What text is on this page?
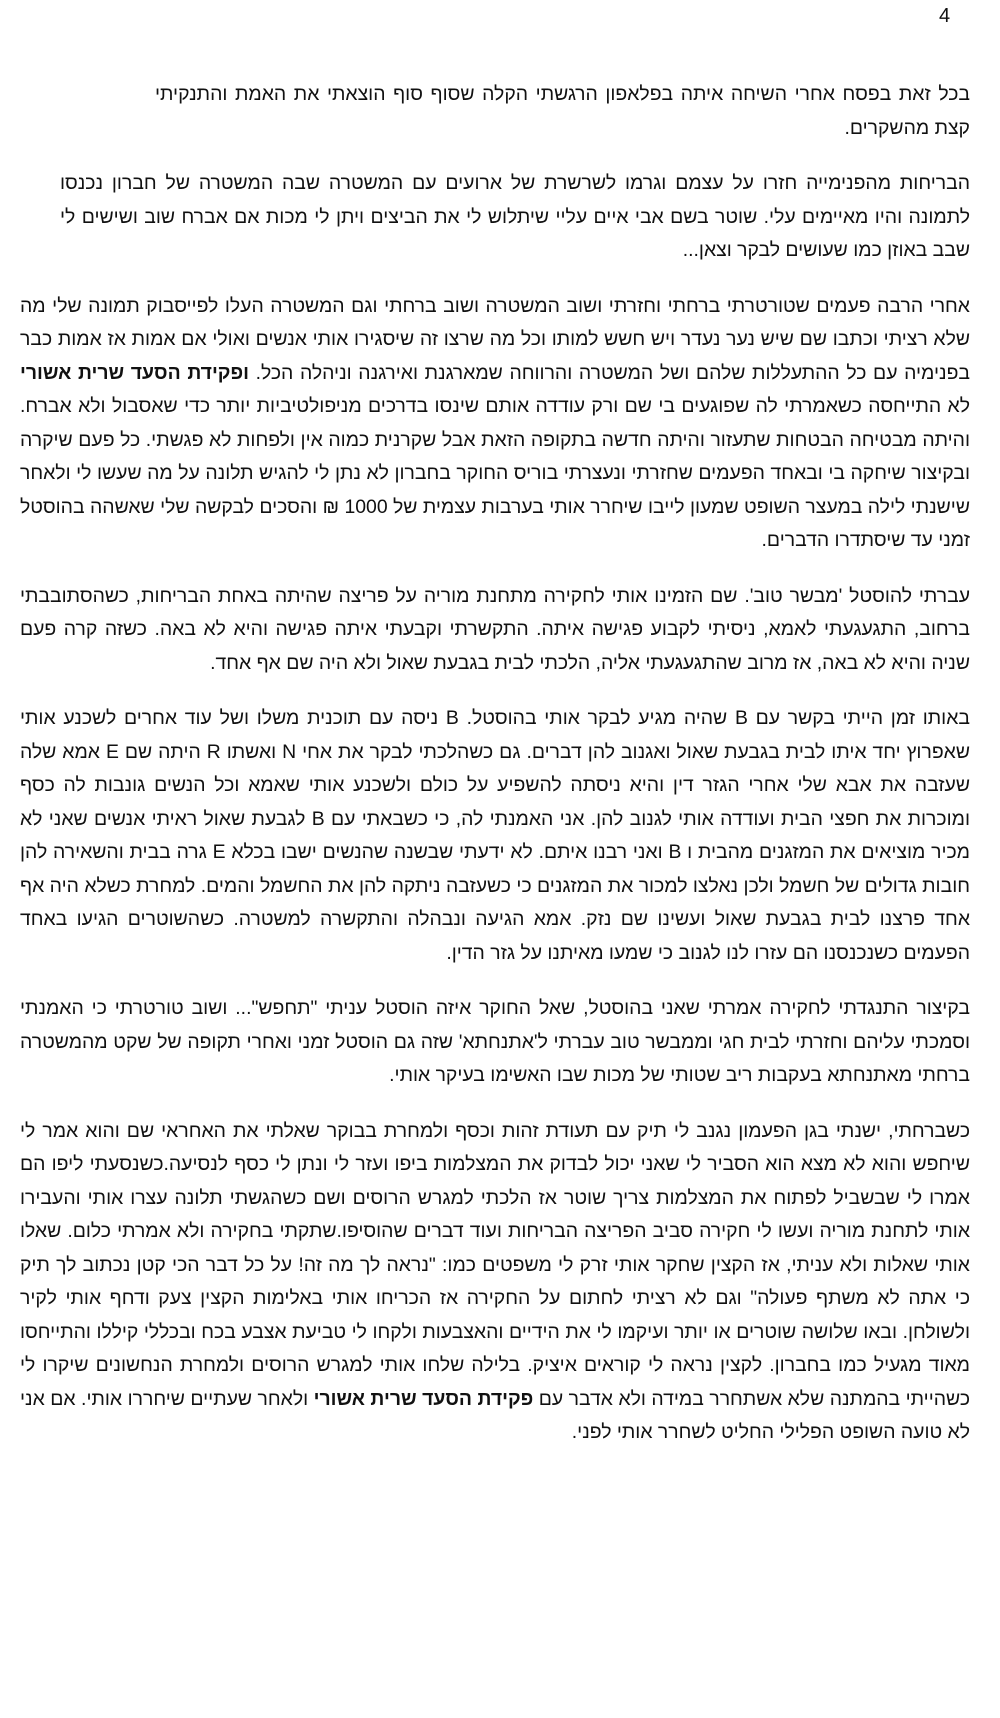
4

בכל זאת בפסח אחרי השיחה איתה בפלאפון הרגשתי הקלה שסוף סוף הוצאתי את האמת והתנקיתי קצת מהשקרים.

הבריחות מהפנימייה חזרו על עצמם וגרמו לשרשרת של ארועים עם המשטרה שבה המשטרה של חברון נכנסו לתמונה והיו מאיימים עלי. שוטר בשם אבי איים עליי שיתלוש לי את הביצים ויתן לי מכות אם אברח שוב ושישים לי שבב באוזן כמו שעושים לבקר וצאן...

אחרי הרבה פעמים שטורטרתי ברחתי וחזרתי ושוב המשטרה ושוב ברחתי וגם המשטרה העלו לפייסבוק תמונה שלי מה שלא רציתי וכתבו שם שיש נער נעדר ויש חשש למותו וכל מה שרצו זה שיסגירו אותי אנשים ואולי אם אמות אז אמות כבר בפנימיה עם כל ההתעללות שלהם ושל המשטרה והרווחה שמארגנת ואירגנה וניהלה הכל. ופקידת הסעד שרית אשורי לא התייחסה כשאמרתי לה שפוגעים בי שם ורק עודדה אותם שינסו בדרכים מניפולטיביות יותר כדי שאסבול ולא אברח. והיתה מבטיחה הבטחות שתעזור והיתה חדשה בתקופה הזאת אבל שקרנית כמוה אין ולפחות לא פגשתי. כל פעם שיקרה ובקיצור שיחקה בי ובאחד הפעמים שחזרתי ונעצרתי בוריס החוקר בחברון לא נתן לי להגיש תלונה על מה שעשו לי ולאחר שישנתי לילה במעצר השופט שמעון לייבו שיחרר אותי בערבות עצמית של 1000 ₪ והסכים לבקשה שלי שאשהה בהוסטל זמני עד שיסתדרו הדברים.

עברתי להוסטל 'מבשר טוב'. שם הזמינו אותי לחקירה מתחנת מוריה על פריצה שהיתה באחת הבריחות, כשהסתובבתי ברחוב, התגעגעתי לאמא, ניסיתי לקבוע פגישה איתה. התקשרתי וקבעתי איתה פגישה והיא לא באה. כשזה קרה פעם שניה והיא לא באה, אז מרוב שהתגעגעתי אליה, הלכתי לבית בגבעת שאול ולא היה שם אף אחד.

באותו זמן הייתי בקשר עם B שהיה מגיע לבקר אותי בהוסטל. B ניסה עם תוכנית משלו ושל עוד אחרים לשכנע אותי שאפרוץ יחד איתו לבית בגבעת שאול ואגנוב להן דברים. גם כשהלכתי לבקר את אחי N ואשתו R היתה שם E אמא שלה שעזבה את אבא שלי אחרי הגזר דין והיא ניסתה להשפיע על כולם ולשכנע אותי שאמא וכל הנשים גונבות לה כסף ומוכרות את חפצי הבית ועודדה אותי לגנוב להן. אני האמנתי לה, כי כשבאתי עם B לגבעת שאול ראיתי אנשים שאני לא מכיר מוציאים את המזגנים מהבית ו B ואני רבנו איתם. לא ידעתי שבשנה שהנשים ישבו בכלא E גרה בבית והשאירה להן חובות גדולים של חשמל ולכן נאלצו למכור את המזגנים כי כשעזבה ניתקה להן את החשמל והמים. למחרת כשלא היה אף אחד פרצנו לבית בגבעת שאול ועשינו שם נזק. אמא הגיעה ונבהלה והתקשרה למשטרה. כשהשוטרים הגיעו באחד הפעמים כשנכנסנו הם עזרו לנו לגנוב כי שמעו מאיתנו על גזר הדין.

בקיצור התנגדתי לחקירה אמרתי שאני בהוסטל, שאל החוקר איזה הוסטל עניתי "תחפש"... ושוב טורטרתי כי האמנתי וסמכתי עליהם וחזרתי לבית חגי וממבשר טוב עברתי ל'אתנחתא' שזה גם הוסטל זמני ואחרי תקופה של שקט מהמשטרה ברחתי מאתנחתא בעקבות ריב שטותי של מכות שבו האשימו בעיקר אותי.

כשברחתי, ישנתי בגן הפעמון נגנב לי תיק עם תעודת זהות וכסף ולמחרת בבוקר שאלתי את האחראי שם והוא אמר לי שיחפש והוא לא מצא הוא הסביר לי שאני יכול לבדוק את המצלמות ביפו ועזר לי ונתן לי כסף לנסיעה.כשנסעתי ליפו הם אמרו לי שבשביל לפתוח את המצלמות צריך שוטר אז הלכתי למגרש הרוסים ושם כשהגשתי תלונה עצרו אותי והעבירו אותי לתחנת מוריה ועשו לי חקירה סביב הפריצה הבריחות ועוד דברים שהוסיפו.שתקתי בחקירה ולא אמרתי כלום. שאלו אותי שאלות ולא עניתי, אז הקצין שחקר אותי זרק לי משפטים כמו: "נראה לך מה זה! על כל דבר הכי קטן נכתוב לך תיק כי אתה לא משתף פעולה" וגם לא רציתי לחתום על החקירה אז הכריחו אותי באלימות הקצין צעק ודחף אותי לקיר ולשולחן. ובאו שלושה שוטרים או יותר ועיקמו לי את הידיים והאצבעות ולקחו לי טביעת אצבע בכח ובכללי קיללו והתייחסו מאוד מגעיל כמו בחברון. לקצין נראה לי קוראים איציק. בלילה שלחו אותי למגרש הרוסים ולמחרת הנחשונים שיקרו לי כשהייתי בהמתנה שלא אשתחרר במידה ולא אדבר עם פקידת הסעד שרית אשורי ולאחר שעתיים שיחררו אותי. אם אני לא טועה השופט הפלילי החליט לשחרר אותי לפני.
